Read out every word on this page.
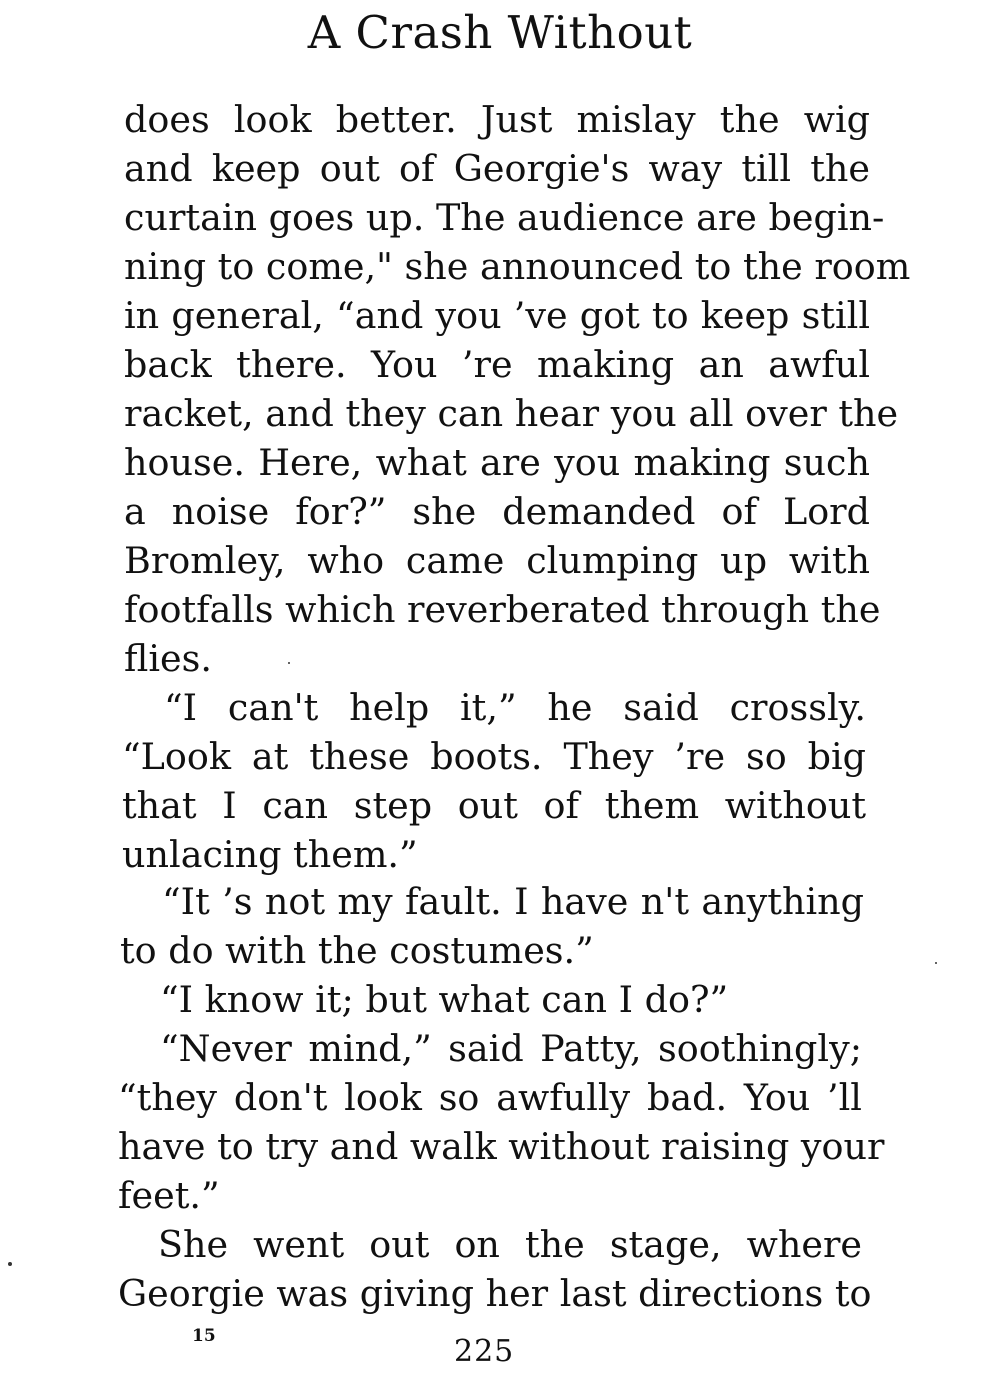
A Crash Without
does look better. Just mislay the wig
and keep out of Georgie's way till the
curtain goes up. The audience are begin-
ning to come," she announced to the room
in general, “and you ’ve got to keep still
back there. You ’re making an awful
racket, and they can hear you all over the
house. Here, what are you making such
a noise for?” she demanded of Lord
Bromley, who came clumping up with
footfalls which reverberated through the
flies.
“I can't help it,” he said crossly.
“Look at these boots. They ’re so big
that I can step out of them without
unlacing them.”
“It ’s not my fault. I have n't anything
to do with the costumes.”
“I know it; but what can I do?”
“Never mind,” said Patty, soothingly;
“they don't look so awfully bad. You ’ll
have to try and walk without raising your
feet.”
She went out on the stage, where
Georgie was giving her last directions to
15	225
